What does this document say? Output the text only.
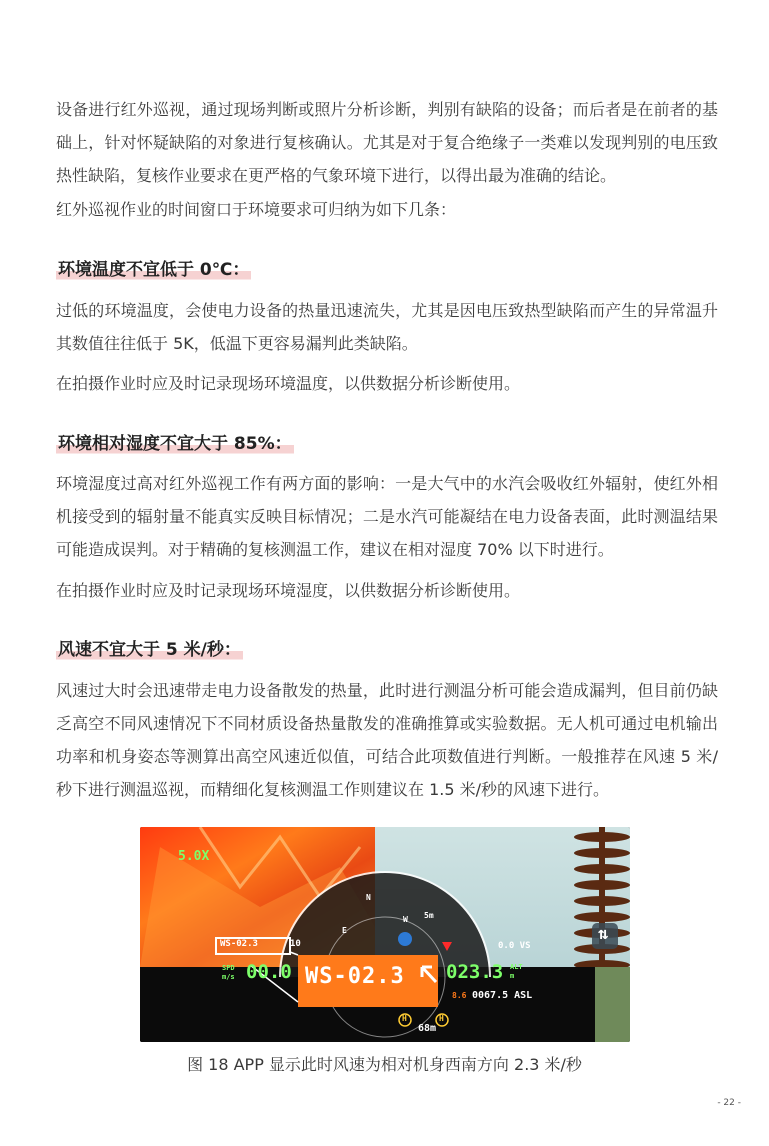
设备进行红外巡视，通过现场判断或照片分析诊断，判别有缺陷的设备；而后者是在前者的基础上，针对怀疑缺陷的对象进行复核确认。尤其是对于复合绝缘子一类难以发现判别的电压致热性缺陷，复核作业要求在更严格的气象环境下进行，以得出最为准确的结论。

红外巡视作业的时间窗口于环境要求可归纳为如下几条：

环境温度不宜低于 0℃：

过低的环境温度，会使电力设备的热量迅速流失，尤其是因电压致热型缺陷而产生的异常温升其数值往往低于 5K，低温下更容易漏判此类缺陷。

在拍摄作业时应及时记录现场环境温度，以供数据分析诊断使用。

环境相对湿度不宜大于 85%：

环境湿度过高对红外巡视工作有两方面的影响：一是大气中的水汽会吸收红外辐射，使红外相机接受到的辐射量不能真实反映目标情况；二是水汽可能凝结在电力设备表面，此时测温结果可能造成误判。对于精确的复核测温工作，建议在相对湿度 70% 以下时进行。

在拍摄作业时应及时记录现场环境湿度，以供数据分析诊断使用。

风速不宜大于 5 米/秒：

风速过大时会迅速带走电力设备散发的热量，此时进行测温分析可能会造成漏判，但目前仍缺乏高空不同风速情况下不同材质设备热量散发的准确推算或实验数据。无人机可通过电机输出功率和机身姿态等测算出高空风速近似值，可结合此项数值进行判断。一般推荐在风速 5 米/秒下进行测温巡视，而精细化复核测温工作则建议在 1.5 米/秒的风速下进行。

5.0X
WS-02.3
WS-02.3
10
SPD
m/s 00.0	023.3 ALT
m
0.0 VS
8.6 0067.5 ASL
68m
5m
N
E
W
H	H
⇅

图 18 APP 显示此时风速为相对机身西南方向 2.3 米/秒

- 22 -
